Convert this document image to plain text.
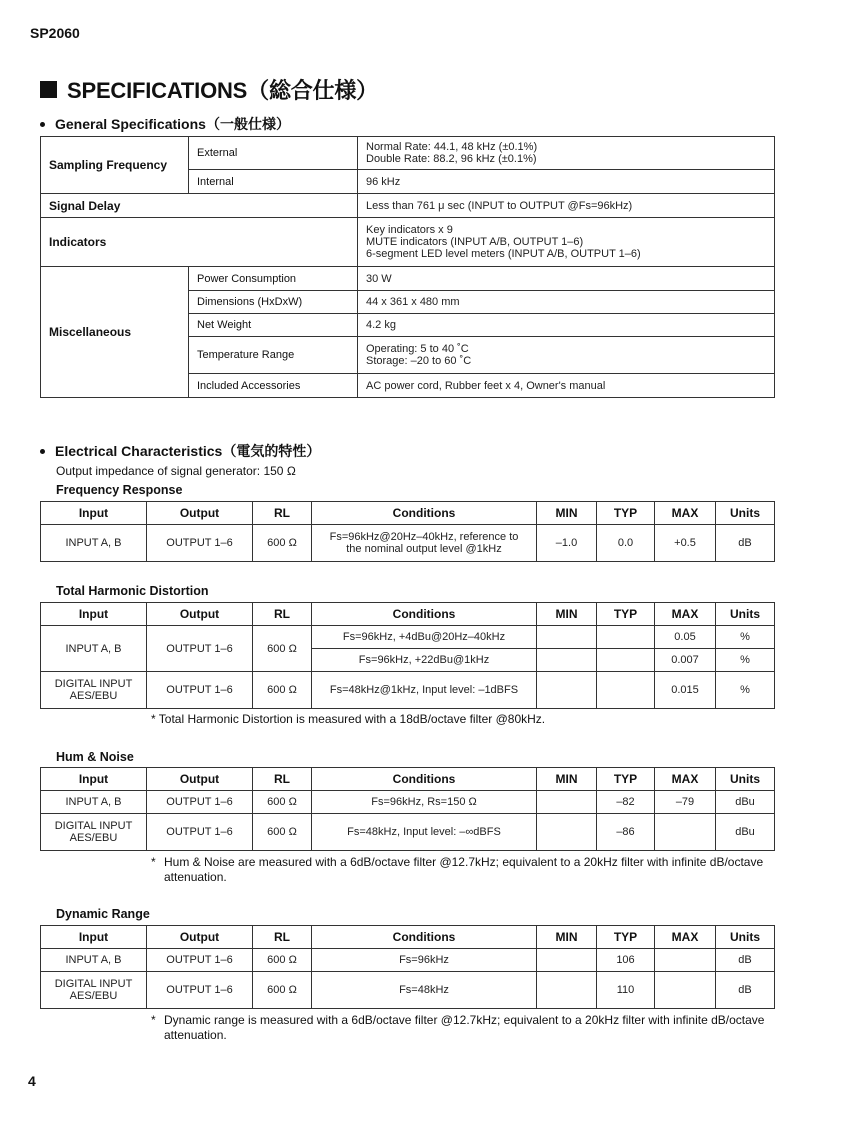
SP2060
SPECIFICATIONS（総合仕様）
General Specifications（一般仕様）
Sampling Frequency	External	Normal Rate: 44.1, 48 kHz (±0.1%)
Double Rate: 88.2, 96 kHz (±0.1%)
	Internal	96 kHz
Signal Delay		Less than 761 μ sec (INPUT to OUTPUT @Fs=96kHz)
Indicators		Key indicators x 9
MUTE indicators (INPUT A/B, OUTPUT 1–6)
6-segment LED level meters (INPUT A/B, OUTPUT 1–6)
Miscellaneous	Power Consumption	30 W
	Dimensions (HxDxW)	44 x 361 x 480 mm
	Net Weight	4.2 kg
	Temperature Range	Operating: 5 to 40 ˚C
Storage: –20 to 60 ˚C
	Included Accessories	AC power cord, Rubber feet x 4, Owner's manual
Electrical Characteristics（電気的特性）
Output impedance of signal generator: 150 Ω
Frequency Response
Input	Output	RL	Conditions	MIN	TYP	MAX	Units
INPUT A, B	OUTPUT 1–6	600 Ω	Fs=96kHz@20Hz–40kHz, reference to
the nominal output level @1kHz	–1.0	0.0	+0.5	dB
Total Harmonic Distortion
Input	Output	RL	Conditions	MIN	TYP	MAX	Units
INPUT A, B	OUTPUT 1–6	600 Ω	Fs=96kHz, +4dBu@20Hz–40kHz			0.05	%
			Fs=96kHz, +22dBu@1kHz			0.007	%
DIGITAL INPUT
AES/EBU	OUTPUT 1–6	600 Ω	Fs=48kHz@1kHz, Input level: –1dBFS			0.015	%
* Total Harmonic Distortion is measured with a 18dB/octave filter @80kHz.
Hum & Noise
Input	Output	RL	Conditions	MIN	TYP	MAX	Units
INPUT A, B	OUTPUT 1–6	600 Ω	Fs=96kHz, Rs=150 Ω		–82	–79	dBu
DIGITAL INPUT
AES/EBU	OUTPUT 1–6	600 Ω	Fs=48kHz, Input level: –∞dBFS		–86		dBu
* Hum & Noise are measured with a 6dB/octave filter @12.7kHz; equivalent to a 20kHz filter with infinite dB/octave attenuation.
Dynamic Range
Input	Output	RL	Conditions	MIN	TYP	MAX	Units
INPUT A, B	OUTPUT 1–6	600 Ω	Fs=96kHz		106		dB
DIGITAL INPUT
AES/EBU	OUTPUT 1–6	600 Ω	Fs=48kHz		110		dB
* Dynamic range is measured with a 6dB/octave filter @12.7kHz; equivalent to a 20kHz filter with infinite dB/octave attenuation.
4
